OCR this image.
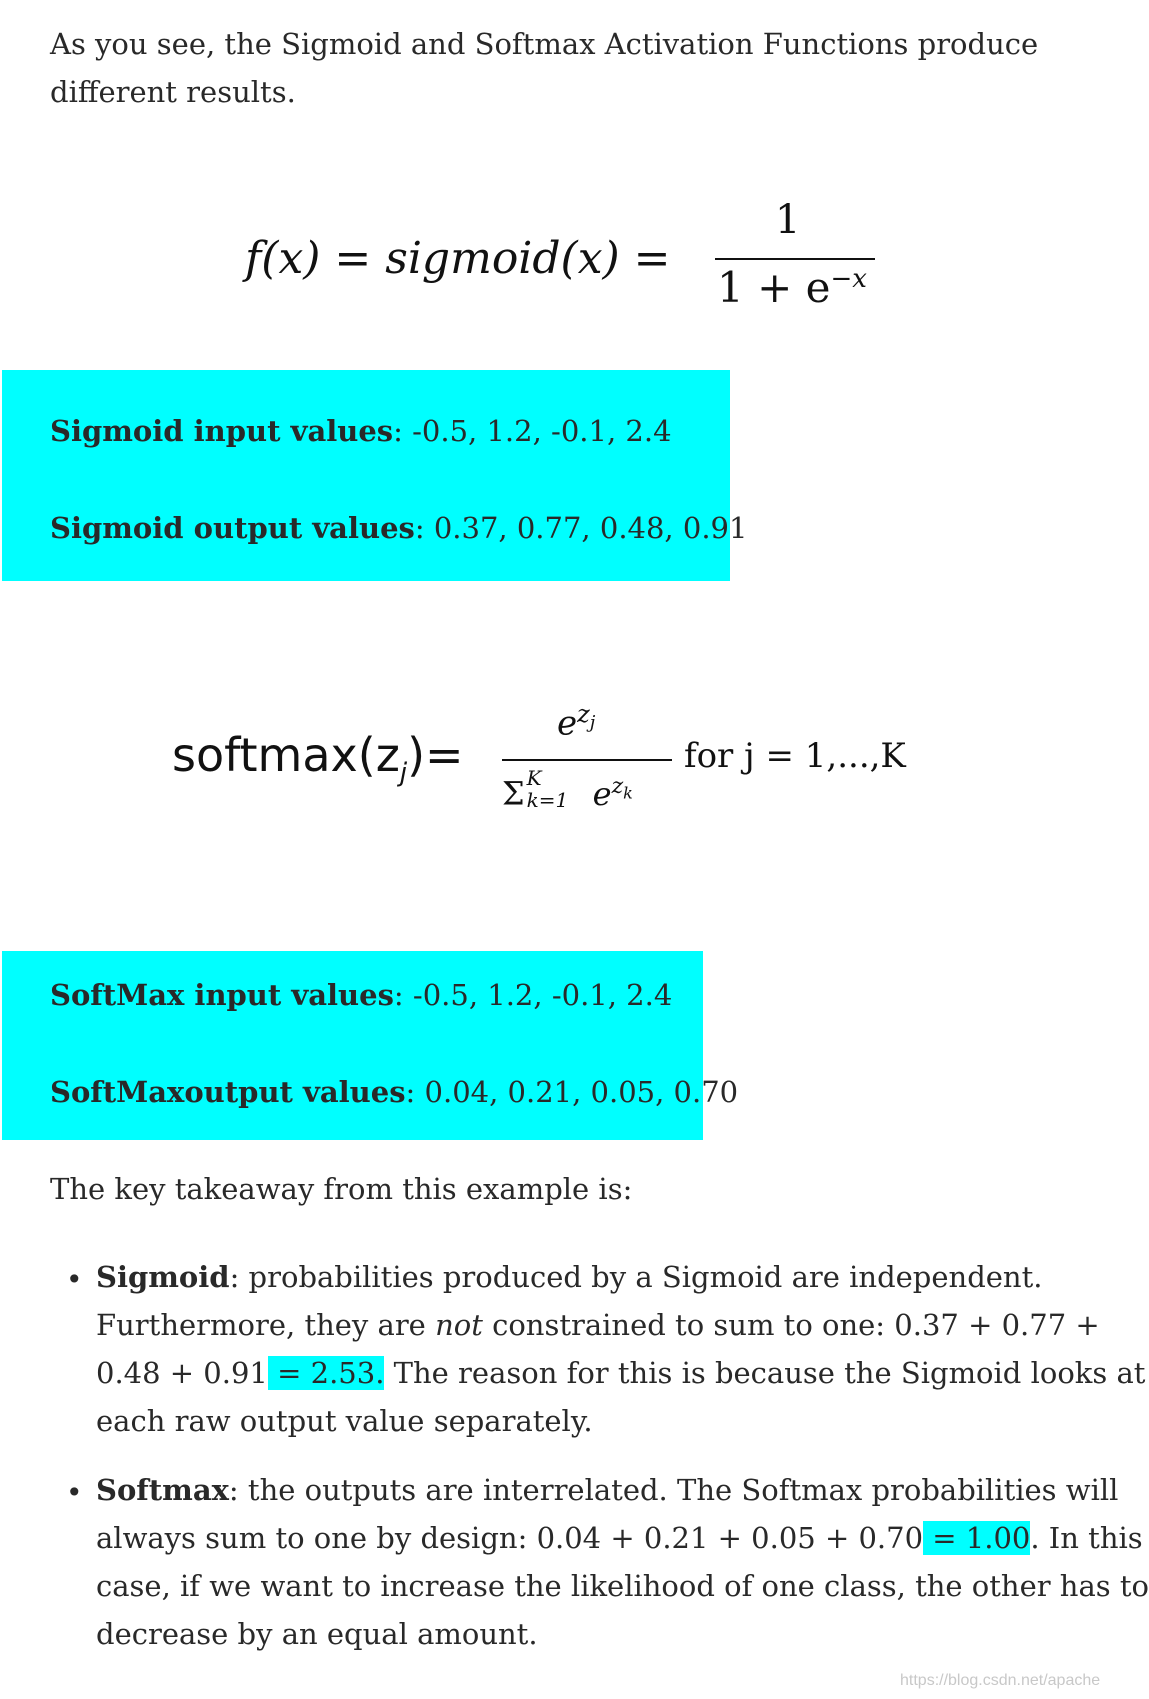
As you see, the Sigmoid and Softmax Activation Functions produce
different results.
f(x) = sigmoid(x) =
1
$1 + e^{-x}$
Sigmoid input values: -0.5, 1.2, -0.1, 2.4
Sigmoid output values: 0.37, 0.77, 0.48, 0.91
$softmax(z_j)=$
$e^{z_j}$
Σ K
k=1 $e^{z_k}$
for j = 1,...,K
SoftMax input values: -0.5, 1.2, -0.1, 2.4
SoftMaxoutput values: 0.04, 0.21, 0.05, 0.70
The key takeaway from this example is:
• Sigmoid: probabilities produced by a Sigmoid are independent.
Furthermore, they are not constrained to sum to one: 0.37 + 0.77 +
0.48 + 0.91 = 2.53. The reason for this is because the Sigmoid looks at
each raw output value separately.
• Softmax: the outputs are interrelated. The Softmax probabilities will
always sum to one by design: 0.04 + 0.21 + 0.05 + 0.70 = 1.00. In this
case, if we want to increase the likelihood of one class, the other has to
decrease by an equal amount.
https://blog.csdn.net/apache
